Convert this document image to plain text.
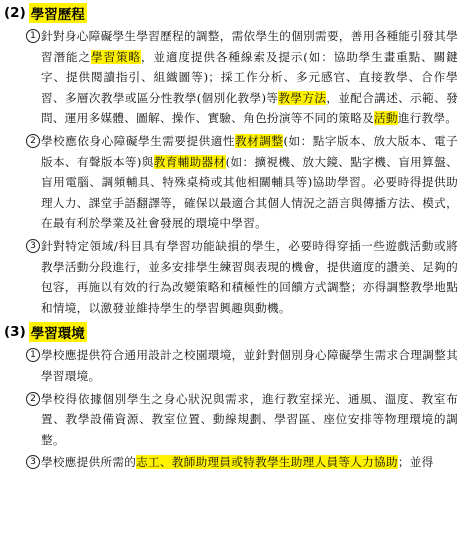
(2) 學習歷程
1 針對身心障礙學生學習歷程的調整，需依學生的個別需要，善用各種能引發其學習潛能之學習策略，並適度提供各種線索及提示(如：協助學生畫重點、關鍵字、提供閱讀指引、組織圖等)；採工作分析、多元感官、直接教學、合作學習、多層次教學或區分性教學(個別化教學)等教學方法，並配合講述、示範、發問、運用多媒體、圖解、操作、實驗、角色扮演等不同的策略及活動進行教學。
2 學校應依身心障礙學生需要提供適性教材調整(如：點字版本、放大版本、電子版本、有聲版本等)與教育輔助器材(如：擴視機、放大鏡、點字機、盲用算盤、盲用電腦、調頻輔具、特殊桌椅或其他相關輔具等)協助學習。必要時得提供助理人力、課堂手語翻譯等，確保以最適合其個人情況之語言與傳播方法、模式，在最有利於學業及社會發展的環境中學習。
3 針對特定領域/科目具有學習功能缺損的學生，必要時得穿插一些遊戲活動或將教學活動分段進行，並多安排學生練習與表現的機會，提供適度的讚美、足夠的包容，再施以有效的行為改變策略和積極性的回饋方式調整；亦得調整教學地點和情境，以激發並維持學生的學習興趣與動機。
(3) 學習環境
1 學校應提供符合通用設計之校園環境，並針對個別身心障礙學生需求合理調整其學習環境。
2 學校得依據個別學生之身心狀況與需求，進行教室採光、通風、溫度、教室布置、教學設備資源、教室位置、動線規劃、學習區、座位安排等物理環境的調整。
3 學校應提供所需的志工、教師助理員或特教學生助理人員等人力協助；並得
